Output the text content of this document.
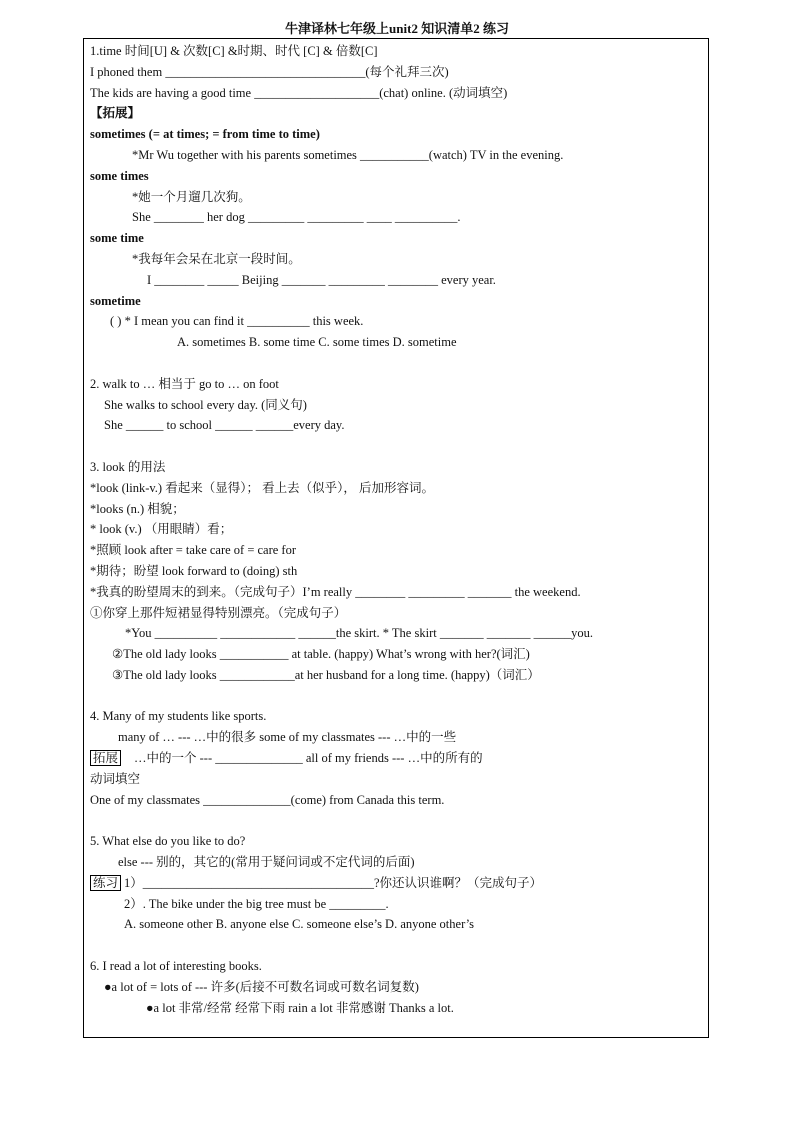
牛津译林七年级上unit2 知识清单2 练习
1.time 时间[U] & 次数[C] &时期、时代 [C] & 倍数[C]
I phoned them ________________________________(每个礼拜三次)
The kids are having a good time ____________________(chat) online. (动词填空)
【拓展】
sometimes (= at times; = from time to time)
*Mr Wu together with his parents sometimes ___________(watch) TV in the evening.
some times
*她一个月遛几次狗。
She ________ her dog _________ _________ ____ __________.
some time
*我每年会呆在北京一段时间。
I ________ _____ Beijing _______ _________ ________ every year.
sometime
( ) * I mean you can find it __________ this week.
A. sometimes B. some time C. some times D. sometime
2. walk to … 相当于 go to … on foot
She walks to school every day. (同义句)
She ______ to school ______ ______every day.
3. look 的用法
*look (link-v.) 看起来（显得）； 看上去（似乎）， 后加形容词。
*looks (n.) 相貌；
* look (v.) （用眼睛）看；
*照顾 look after = take care of = care for
*期待；盼望 look forward to (doing) sth
*我真的盼望周末的到来。（完成句子）I’m really ________ _________ _______ the weekend.
①你穿上那件短裙显得特别漂亮。（完成句子）
*You __________ ____________ ______the skirt. * The skirt _______ _______ ______you.
②The old lady looks ___________ at table. (happy) What’s wrong with her?(词汇)
③The old lady looks ____________at her husband for a long time. (happy)（词汇）
4. Many of my students like sports.
many of … --- …中的很多 some of my classmates --- …中的一些
拓展 …中的一个 --- ______________ all of my friends --- …中的所有的
动词填空
One of my classmates ______________(come) from Canada this term.
5. What else do you like to do?
else --- 别的，其它的(常用于疑问词或不定代词的后面)
练习 1）_____________________________________?你还认识谁啊？（完成句子）
2）. The bike under the big tree must be _________.
A. someone other B. anyone else C. someone else’s D. anyone other’s
6. I read a lot of interesting books.
●a lot of = lots of --- 许多(后接不可数名词或可数名词复数)
●a lot 非常/经常 经常下雨 rain a lot 非常感谢 Thanks a lot.
